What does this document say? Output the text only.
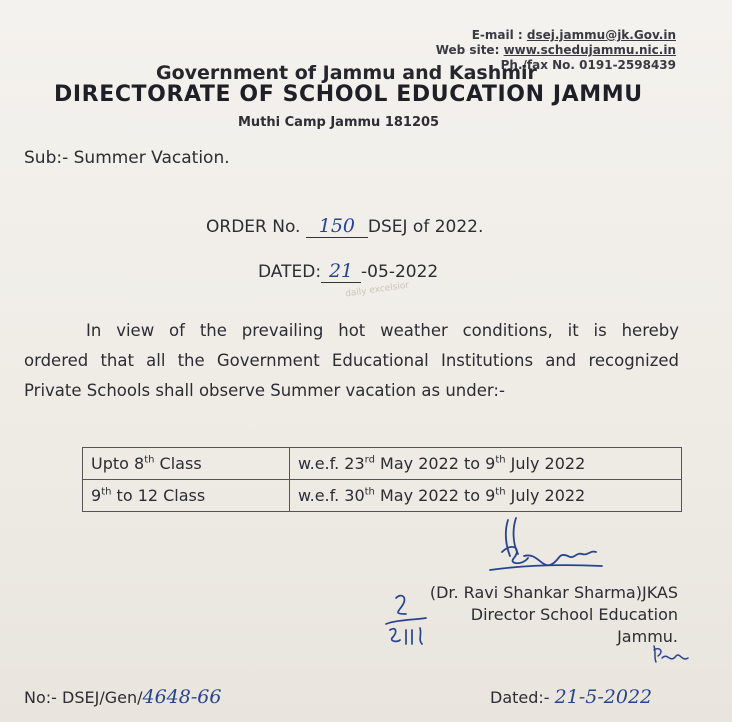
E-mail : dsej.jammu@jk.Gov.in
Web site: www.schedujammu.nic.in
Ph./fax No. 0191-2598439
Government of Jammu and Kashmir
DIRECTORATE OF SCHOOL EDUCATION JAMMU
Muthi Camp Jammu 181205
Sub:- Summer Vacation.
ORDER No. 150 DSEJ of 2022.
DATED: 21 -05-2022
daily excelsior

In view of the prevailing hot weather conditions, it is hereby

ordered that all the Government Educational Institutions and recognized

Private Schools shall observe Summer vacation as under:-

Upto 8th Class	w.e.f. 23rd May 2022 to 9th July 2022
9th to 12 Class	w.e.f. 30th May 2022 to 9th July 2022
(Dr. Ravi Shankar Sharma)JKAS
Director School Education
Jammu.
No:- DSEJ/Gen/4648-66	Dated:- 21-5-2022
